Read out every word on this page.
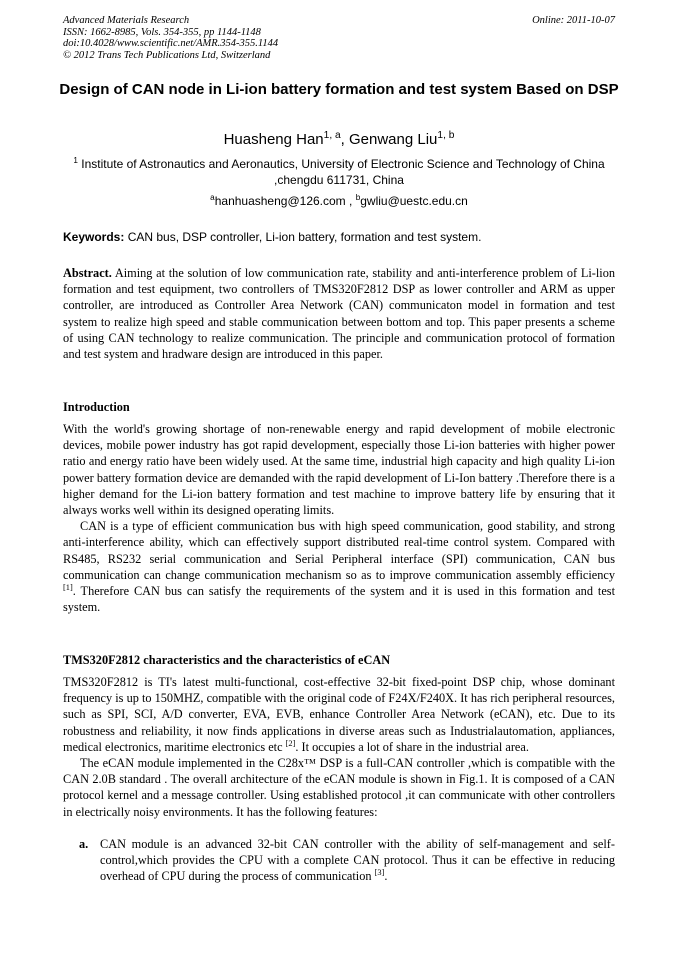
Advanced Materials Research	Online: 2011-10-07
ISSN: 1662-8985, Vols. 354-355, pp 1144-1148
doi:10.4028/www.scientific.net/AMR.354-355.1144
© 2012 Trans Tech Publications Ltd, Switzerland
Design of CAN node in Li-ion battery formation and test system Based on DSP
Huasheng Han$^{1, a}$, Genwang Liu$^{1, b}$
$^1$ Institute of Astronautics and Aeronautics, University of Electronic Science and Technology of China ,chengdu 611731, China
$^a$hanhuasheng@126.com , $^b$gwliu@uestc.edu.cn
Keywords: CAN bus, DSP controller, Li-ion battery, formation and test system.
Abstract. Aiming at the solution of low communication rate, stability and anti-interference problem of Li-lion formation and test equipment, two controllers of TMS320F2812 DSP as lower controller and ARM as upper controller, are introduced as Controller Area Network (CAN) communicaton model in formation and test system to realize high speed and stable communication between bottom and top. This paper presents a scheme of using CAN technology to realize communication. The principle and communication protocol of formation and test system and hradware design are introduced in this paper.
Introduction

With the world's growing shortage of non-renewable energy and rapid development of mobile electronic devices, mobile power industry has got rapid development, especially those Li-ion batteries with higher power ratio and energy ratio have been widely used. At the same time, industrial high capacity and high quality Li-ion power battery formation device are demanded with the rapid development of Li-Ion battery .Therefore there is a higher demand for the Li-ion battery formation and test machine to improve battery life by ensuring that it always works well within its designed operating limits.

CAN is a type of efficient communication bus with high speed communication, good stability, and strong anti-interference ability, which can effectively support distributed real-time control system. Compared with RS485, RS232 serial communication and Serial Peripheral interface (SPI) communication, CAN bus communication can change communication mechanism so as to improve communication assembly efficiency [1]. Therefore CAN bus can satisfy the requirements of the system and it is used in this formation and test system.

TMS320F2812 characteristics and the characteristics of eCAN

TMS320F2812 is TI's latest multi-functional, cost-effective 32-bit fixed-point DSP chip, whose dominant frequency is up to 150MHZ, compatible with the original code of F24X/F240X. It has rich peripheral resources, such as SPI, SCI, A/D converter, EVA, EVB, enhance Controller Area Network (eCAN), etc. Due to its robustness and reliability, it now finds applications in diverse areas such as Industrialautomation, appliances, medical electronics, maritime electronics etc [2]. It occupies a lot of share in the industrial area.

The eCAN module implemented in the C28x™ DSP is a full-CAN controller ,which is compatible with the CAN 2.0B standard . The overall architecture of the eCAN module is shown in Fig.1. It is composed of a CAN protocol kernel and a message controller. Using established protocol ,it can communicate with other controllers in electrically noisy environments. It has the following features:

a. CAN module is an advanced 32-bit CAN controller with the ability of self-management and self-control,which provides the CPU with a complete CAN protocol. Thus it can be effective in reducing overhead of CPU during the process of communication [3].
